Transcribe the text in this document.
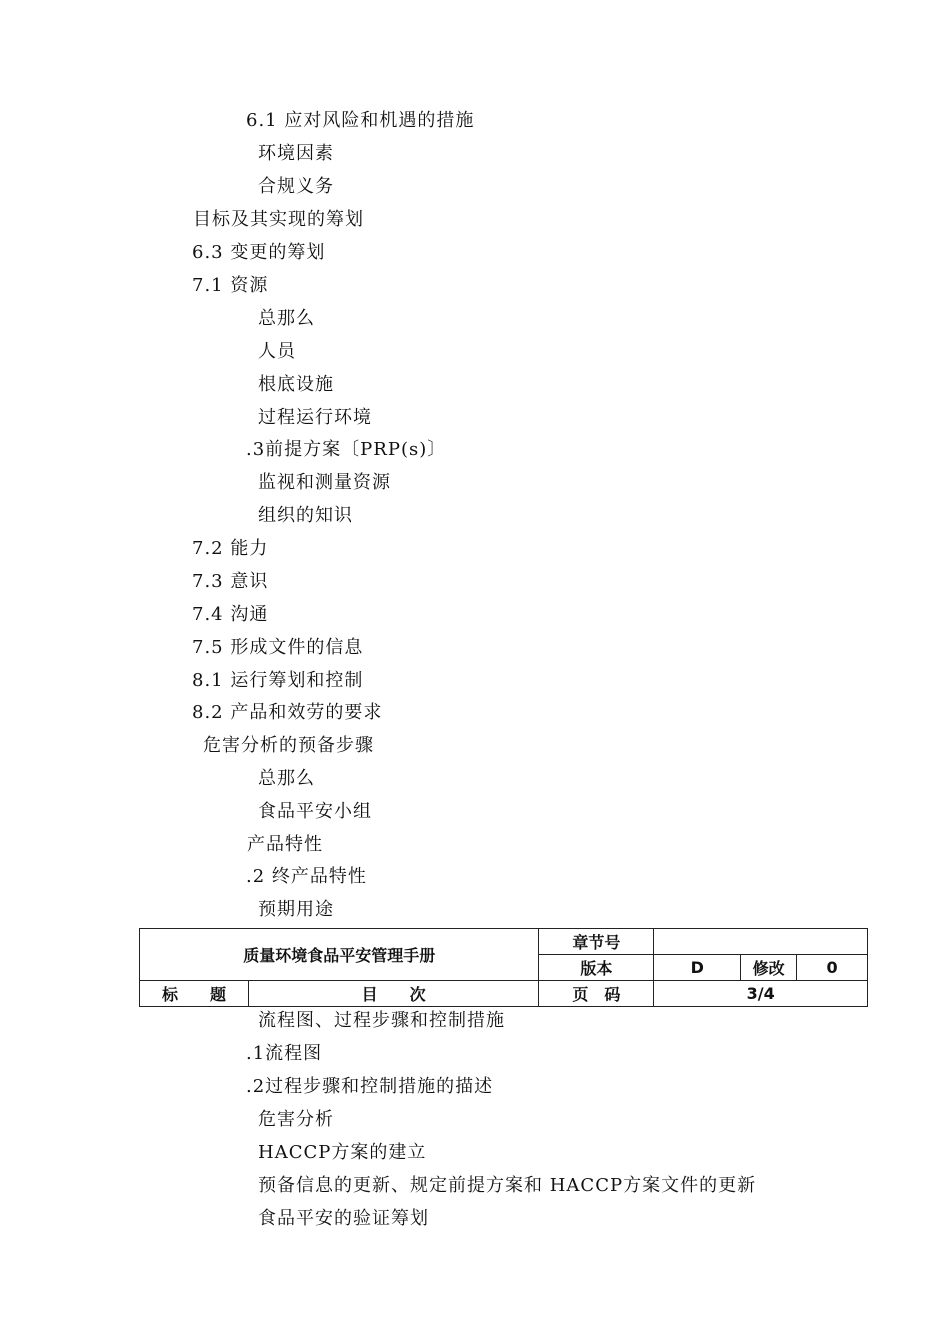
6.1 应对风险和机遇的措施
环境因素
合规义务
目标及其实现的筹划
6.3 变更的筹划
7.1 资源
总那么
人员
根底设施
过程运行环境
.3前提方案〔PRP(s)〕
监视和测量资源
组织的知识
7.2 能力
7.3 意识
7.4 沟通
7.5 形成文件的信息
8.1 运行筹划和控制
8.2 产品和效劳的要求
危害分析的预备步骤
总那么
食品平安小组
产品特性
.2 终产品特性
预期用途
质量环境食品平安管理手册		章节号			
		版本	D	修改	0
标　　题	目　　次	页　码	3/4		
流程图、过程步骤和控制措施
.1流程图
.2过程步骤和控制措施的描述
危害分析
HACCP方案的建立
预备信息的更新、规定前提方案和 HACCP方案文件的更新
食品平安的验证筹划
